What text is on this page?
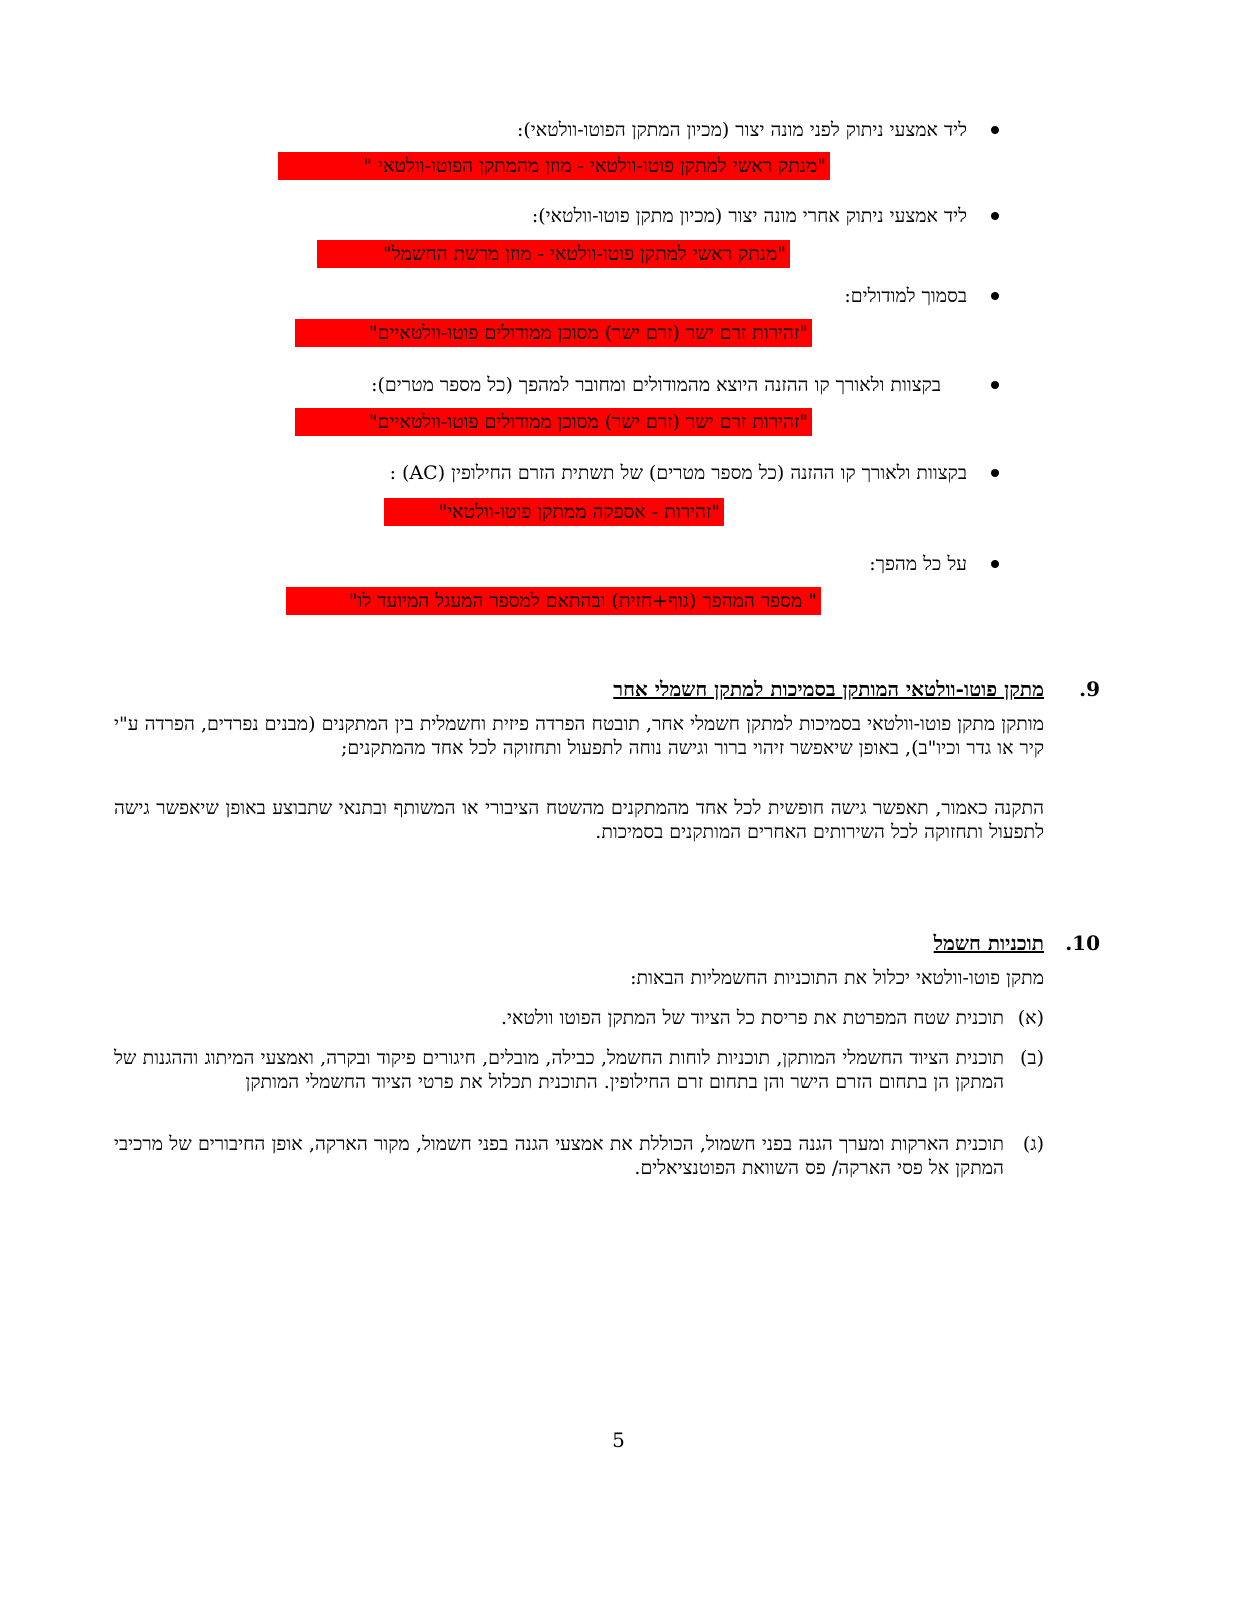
ליד אמצעי ניתוק לפני מונה יצור (מכיון המתקן הפוטו-וולטאי):
"מנתק ראשי למתקן פוטו-וולטאי - מוזן מהמתקן הפוטו-וולטאי "
ליד אמצעי ניתוק אחרי מונה יצור (מכיון מתקן פוטו-וולטאי):
"מנתק ראשי למתקן פוטו-וולטאי - מוזן מרשת החשמל"
בסמוך למודולים:
"זהירות זרם ישר (זרם ישר) מסוכן ממודולים פוטו-וולטאיים"
בקצוות ולאורך קו ההזנה היוצא מהמודולים ומחובר למהפך (כל מספר מטרים):
"זהירות זרם ישר (זרם ישר) מסוכן ממודולים פוטו-וולטאיים"
בקצוות ולאורך קו ההזנה (כל מספר מטרים) של תשתית הזרם החילופין (AC) :
"זהירות - אספקה ממתקן פוטו-וולטאי"
על כל מהפך:
" מספר המהפך (גוף+חזית) ובהתאם למספר המעגל המיועד לו"
9.
מתקן פוטו-וולטאי המותקן בסמיכות למתקן חשמלי אחר
מותקן מתקן פוטו-וולטאי בסמיכות למתקן חשמלי אחר, תובטח הפרדה פיזית וחשמלית בין המתקנים (מבנים נפרדים, הפרדה ע"י קיר או גדר וכיו"ב), באופן שיאפשר זיהוי ברור וגישה נוחה לתפעול ותחזוקה לכל אחד מהמתקנים;
התקנה כאמור, תאפשר גישה חופשית לכל אחד מהמתקנים מהשטח הציבורי או המשותף ובתנאי שתבוצע באופן שיאפשר גישה לתפעול ותחזוקה לכל השירותים האחרים המותקנים בסמיכות.
10.
תוכניות חשמל
מתקן פוטו-וולטאי יכלול את התוכניות החשמליות הבאות:
(א)
תוכנית שטח המפרטת את פריסת כל הציוד של המתקן הפוטו וולטאי.
(ב)
תוכנית הציוד החשמלי המותקן, תוכניות לוחות החשמל, כבילה, מובלים, חיגורים פיקוד ובקרה, ואמצעי המיתוג וההגנות של המתקן הן בתחום הזרם הישר והן בתחום זרם החילופין. התוכנית תכלול את פרטי הציוד החשמלי המותקן
(ג)
תוכנית הארקות ומערך הגנה בפני חשמול, הכוללת את אמצעי הגנה בפני חשמול, מקור הארקה, אופן החיבורים של מרכיבי המתקן אל פסי הארקה/ פס השוואת הפוטנציאלים.
5
